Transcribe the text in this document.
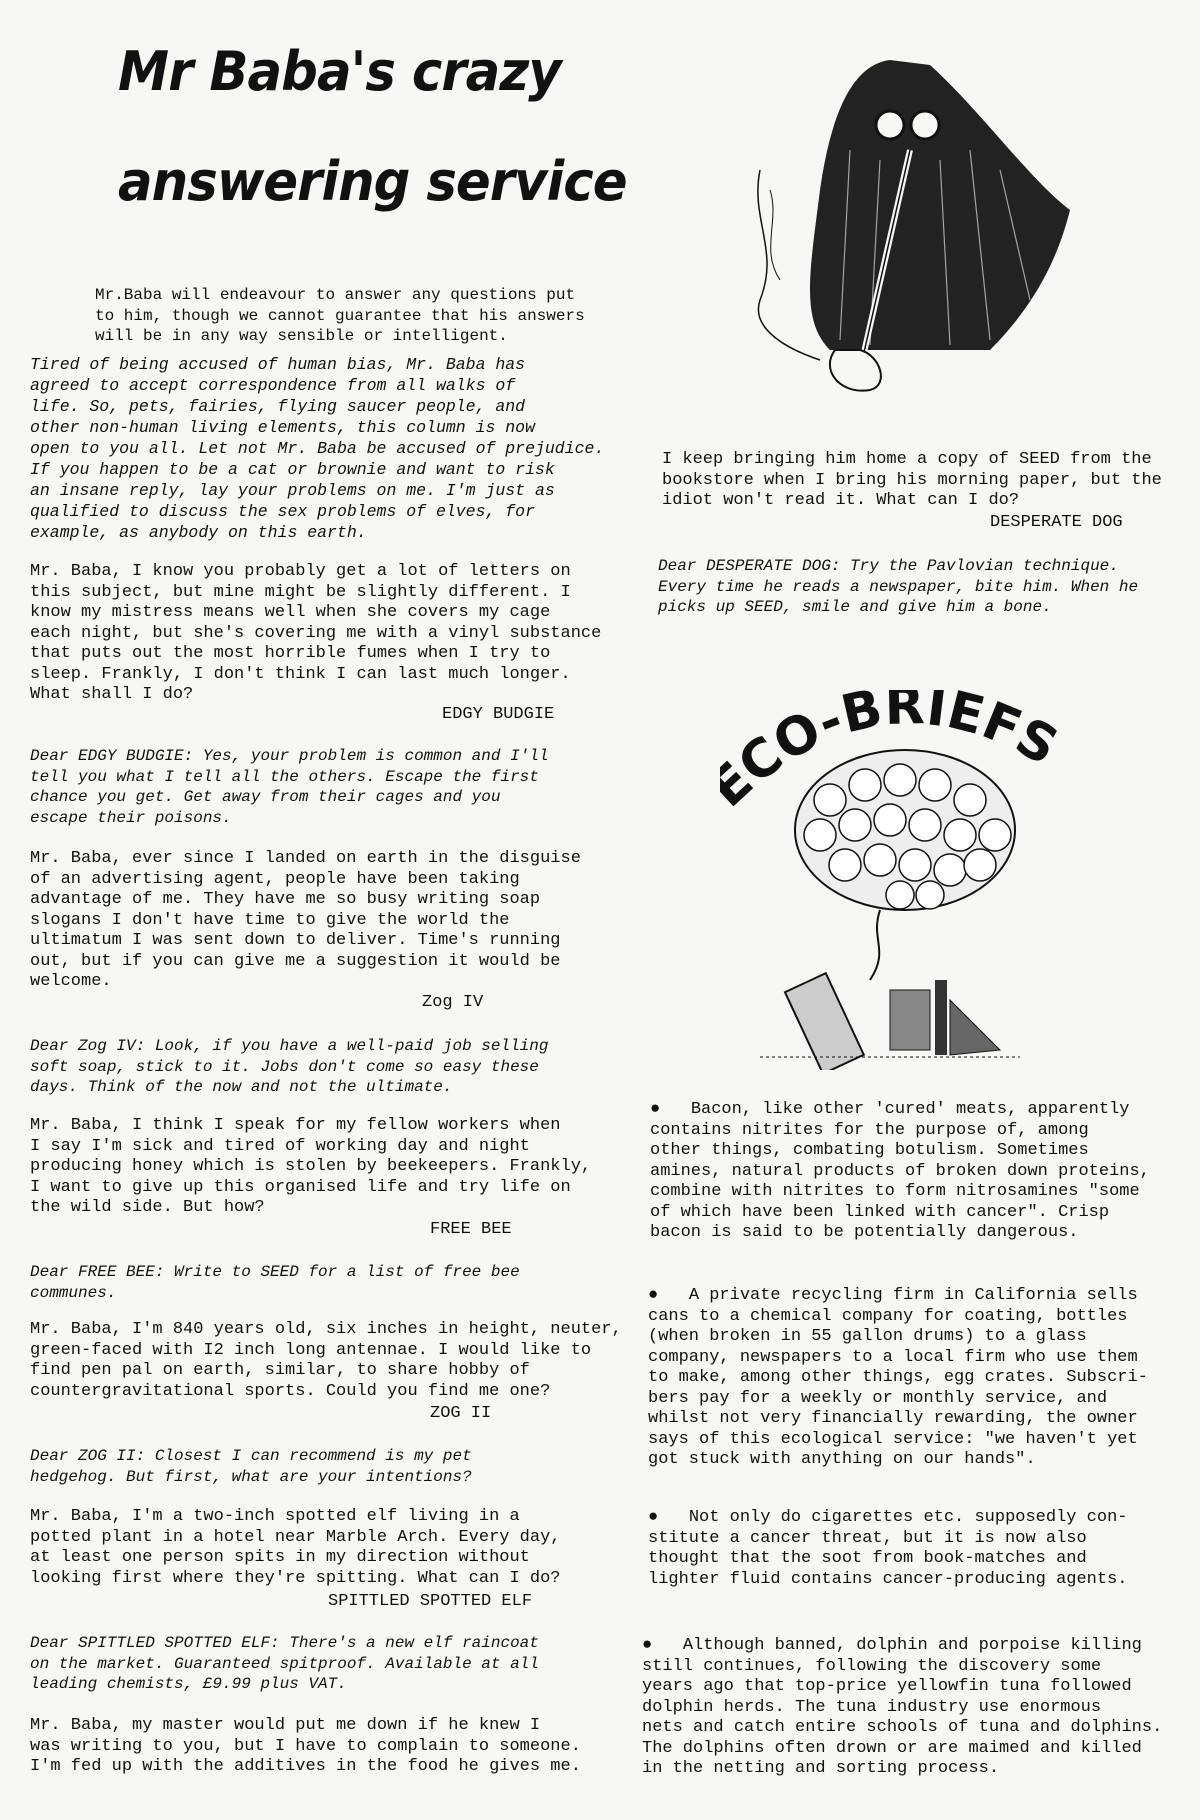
Mr Baba's crazy
answering service
Mr.Baba will endeavour to answer any questions put
to him, though we cannot guarantee that his answers
will be in any way sensible or intelligent.
Tired of being accused of human bias, Mr. Baba has
agreed to accept correspondence from all walks of
life. So, pets, fairies, flying saucer people, and
other non-human living elements, this column is now
open to you all. Let not Mr. Baba be accused of prejudice.
If you happen to be a cat or brownie and want to risk
an insane reply, lay your problems on me. I'm just as
qualified to discuss the sex problems of elves, for
example, as anybody on this earth.
Mr. Baba, I know you probably get a lot of letters on
this subject, but mine might be slightly different. I
know my mistress means well when she covers my cage
each night, but she's covering me with a vinyl substance
that puts out the most horrible fumes when I try to
sleep. Frankly, I don't think I can last much longer.
What shall I do?
EDGY BUDGIE
Dear EDGY BUDGIE: Yes, your problem is common and I'll
tell you what I tell all the others. Escape the first
chance you get. Get away from their cages and you
escape their poisons.
Mr. Baba, ever since I landed on earth in the disguise
of an advertising agent, people have been taking
advantage of me. They have me so busy writing soap
slogans I don't have time to give the world the
ultimatum I was sent down to deliver. Time's running
out, but if you can give me a suggestion it would be
welcome.
Zog IV
Dear Zog IV: Look, if you have a well-paid job selling
soft soap, stick to it. Jobs don't come so easy these
days. Think of the now and not the ultimate.
Mr. Baba, I think I speak for my fellow workers when
I say I'm sick and tired of working day and night
producing honey which is stolen by beekeepers. Frankly,
I want to give up this organised life and try life on
the wild side. But how?
FREE BEE
Dear FREE BEE: Write to SEED for a list of free bee
communes.
Mr. Baba, I'm 840 years old, six inches in height, neuter,
green-faced with I2 inch long antennae. I would like to
find pen pal on earth, similar, to share hobby of
countergravitational sports. Could you find me one?
ZOG II
Dear ZOG II: Closest I can recommend is my pet
hedgehog. But first, what are your intentions?
Mr. Baba, I'm a two-inch spotted elf living in a
potted plant in a hotel near Marble Arch. Every day,
at least one person spits in my direction without
looking first where they're spitting. What can I do?
SPITTLED SPOTTED ELF
Dear SPITTLED SPOTTED ELF: There's a new elf raincoat
on the market. Guaranteed spitproof. Available at all
leading chemists, £9.99 plus VAT.
Mr. Baba, my master would put me down if he knew I
was writing to you, but I have to complain to someone.
I'm fed up with the additives in the food he gives me.
I keep bringing him home a copy of SEED from the
bookstore when I bring his morning paper, but the
idiot won't read it. What can I do?
DESPERATE DOG
Dear DESPERATE DOG: Try the Pavlovian technique.
Every time he reads a newspaper, bite him. When he
picks up SEED, smile and give him a bone.
CO-BRIEF
●   Bacon, like other 'cured' meats, apparently
contains nitrites for the purpose of, among
other things, combating botulism. Sometimes
amines, natural products of broken down proteins,
combine with nitrites to form nitrosamines "some
of which have been linked with cancer". Crisp
bacon is said to be potentially dangerous.
●   A private recycling firm in California sells
cans to a chemical company for coating, bottles
(when broken in 55 gallon drums) to a glass
company, newspapers to a local firm who use them
to make, among other things, egg crates. Subscri-
bers pay for a weekly or monthly service, and
whilst not very financially rewarding, the owner
says of this ecological service: "we haven't yet
got stuck with anything on our hands".
●   Not only do cigarettes etc. supposedly con-
stitute a cancer threat, but it is now also
thought that the soot from book-matches and
lighter fluid contains cancer-producing agents.
●   Although banned, dolphin and porpoise killing
still continues, following the discovery some
years ago that top-price yellowfin tuna followed
dolphin herds. The tuna industry use enormous
nets and catch entire schools of tuna and dolphins.
The dolphins often drown or are maimed and killed
in the netting and sorting process.
